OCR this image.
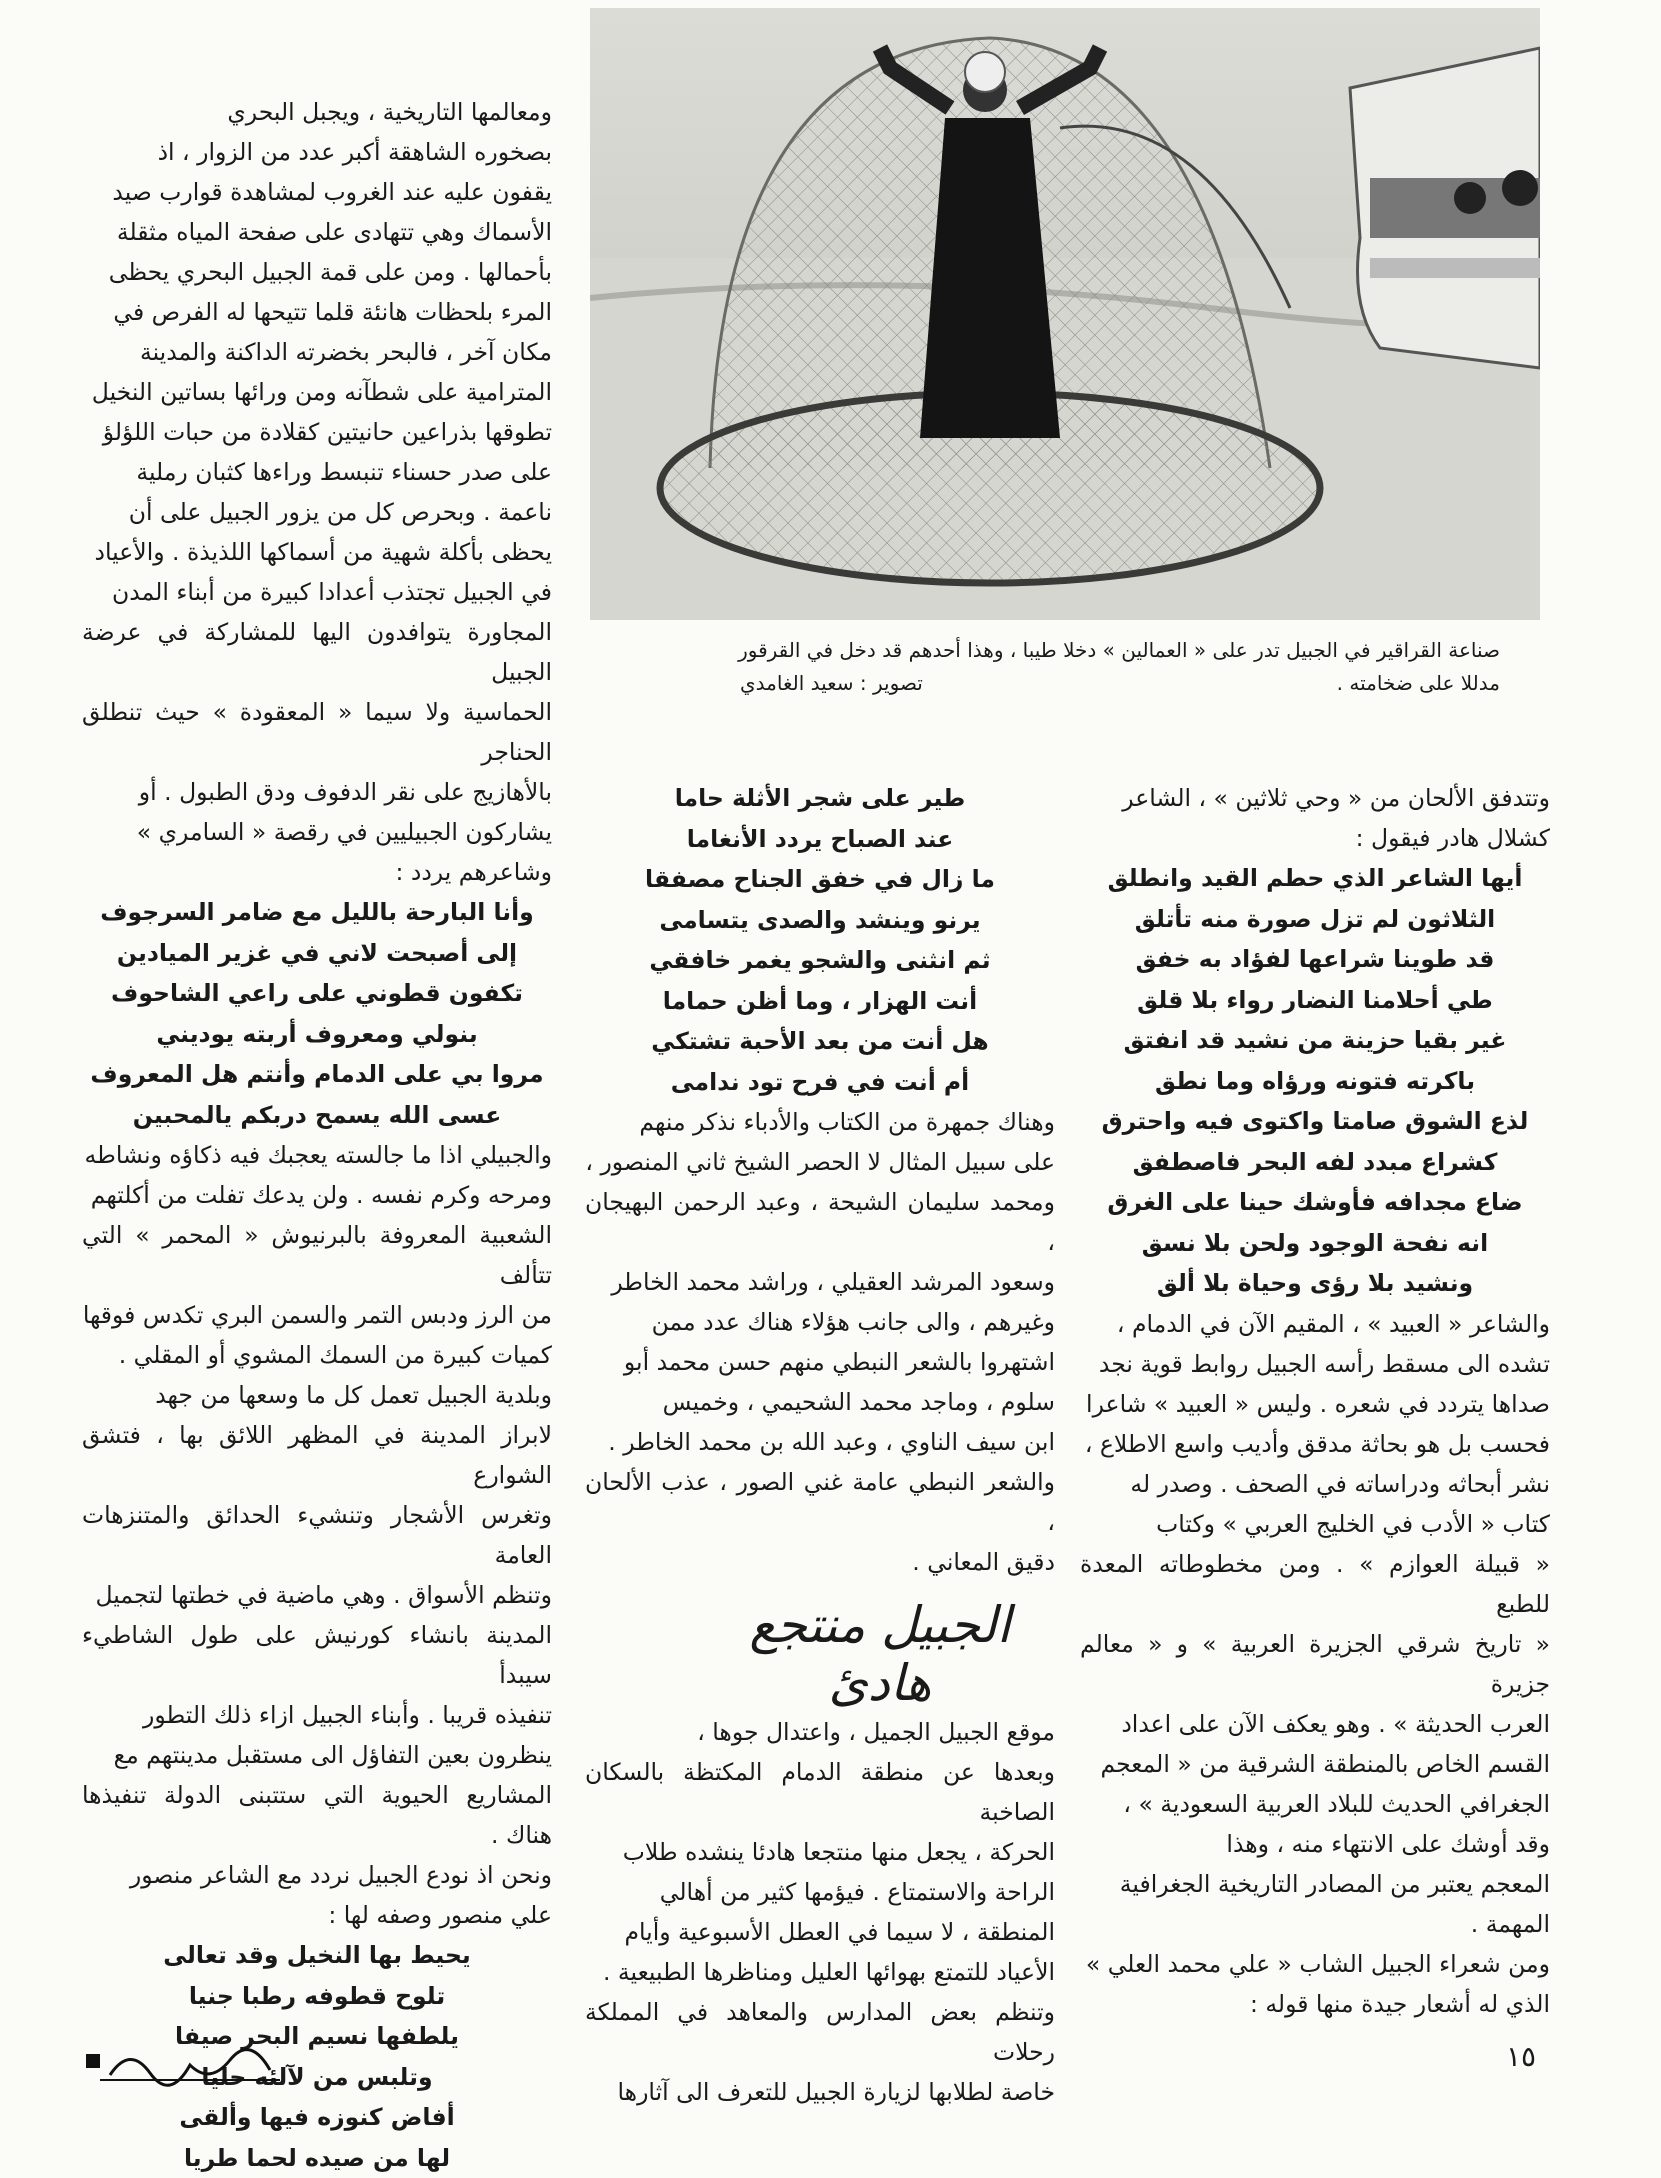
صناعة القراقير في الجبيل تدر على « العمالين » دخلا طيبا ، وهذا أحدهم قد دخل في القرقور

مدللا على ضخامته .
تصوير : سعيد الغامدي

ومعالمها التاريخية ، ويجبل البحري
بصخوره الشاهقة أكبر عدد من الزوار ، اذ
يقفون عليه عند الغروب لمشاهدة قوارب صيد
الأسماك وهي تتهادى على صفحة المياه مثقلة
بأحمالها . ومن على قمة الجبيل البحري يحظى
المرء بلحظات هانئة قلما تتيحها له الفرص في
مكان آخر ، فالبحر بخضرته الداكنة والمدينة
المترامية على شطآنه ومن ورائها بساتين النخيل
تطوقها بذراعين حانيتين كقلادة من حبات اللؤلؤ
على صدر حسناء تنبسط وراءها كثبان رملية
ناعمة . وبحرص كل من يزور الجبيل على أن
يحظى بأكلة شهية من أسماكها اللذيذة . والأعياد
في الجبيل تجتذب أعدادا كبيرة من أبناء المدن
المجاورة يتوافدون اليها للمشاركة في عرضة الجبيل
الحماسية ولا سيما « المعقودة » حيث تنطلق الحناجر
بالأهازيج على نقر الدفوف ودق الطبول . أو
يشاركون الجبيليين في رقصة « السامري »
وشاعرهم يردد :

وأنا البارحة بالليل مع ضامر السرجوف
إلى أصبحت لاني في غزير الميادين
تكفون قطوني على راعي الشاحوف
بنولي ومعروف أربته يوديني
مروا بي على الدمام وأنتم هل المعروف
عسى الله يسمح دربكم يالمحبين

والجبيلي اذا ما جالسته يعجبك فيه ذكاؤه ونشاطه
ومرحه وكرم نفسه . ولن يدعك تفلت من أكلتهم
الشعبية المعروفة بالبرنيوش « المحمر » التي تتألف
من الرز ودبس التمر والسمن البري تكدس فوقها
كميات كبيرة من السمك المشوي أو المقلي .
وبلدية الجبيل تعمل كل ما وسعها من جهد
لابراز المدينة في المظهر اللائق بها ، فتشق الشوارع
وتغرس الأشجار وتنشيء الحدائق والمتنزهات العامة
وتنظم الأسواق . وهي ماضية في خطتها لتجميل
المدينة بانشاء كورنيش على طول الشاطيء سيبدأ
تنفيذه قريبا . وأبناء الجبيل ازاء ذلك التطور
ينظرون بعين التفاؤل الى مستقبل مدينتهم مع
المشاريع الحيوية التي ستتبنى الدولة تنفيذها هناك .
ونحن اذ نودع الجبيل نردد مع الشاعر منصور
علي منصور وصفه لها :

يحيط بها النخيل وقد تعالى
تلوح قطوفه رطبا جنيا
يلطفها نسيم البحر صيفا
وتلبس من لآلئه حليا
أفاض كنوزه فيها وألقى
لها من صيده لحما طريا
طير على شجر الأثلة حاما
عند الصباح يردد الأنغاما
ما زال في خفق الجناح مصفقا
يرنو وينشد والصدى يتسامى
ثم انثنى والشجو يغمر خافقي
أنت الهزار ، وما أظن حماما
هل أنت من بعد الأحبة تشتكي
أم أنت في فرح تود ندامى

وهناك جمهرة من الكتاب والأدباء نذكر منهم
على سبيل المثال لا الحصر الشيخ ثاني المنصور ،
ومحمد سليمان الشيحة ، وعبد الرحمن البهيجان ،
وسعود المرشد العقيلي ، وراشد محمد الخاطر
وغيرهم ، والى جانب هؤلاء هناك عدد ممن
اشتهروا بالشعر النبطي منهم حسن محمد أبو
سلوم ، وماجد محمد الشحيمي ، وخميس
ابن سيف الناوي ، وعبد الله بن محمد الخاطر .
والشعر النبطي عامة غني الصور ، عذب الألحان ،
دقيق المعاني .

موقع الجبيل الجميل ، واعتدال جوها ،
وبعدها عن منطقة الدمام المكتظة بالسكان الصاخبة
الحركة ، يجعل منها منتجعا هادئا ينشده طلاب
الراحة والاستمتاع . فيؤمها كثير من أهالي
المنطقة ، لا سيما في العطل الأسبوعية وأيام
الأعياد للتمتع بهوائها العليل ومناظرها الطبيعية .
وتنظم بعض المدارس والمعاهد في المملكة رحلات
خاصة لطلابها لزيارة الجبيل للتعرف الى آثارها

الجبيل منتجع هادئ

وتتدفق الألحان من « وحي ثلاثين » ، الشاعر
كشلال هادر فيقول :

أيها الشاعر الذي حطم القيد وانطلق
الثلاثون لم تزل صورة منه تأتلق
قد طوينا شراعها لفؤاد به خفق
طي أحلامنا النضار رواء بلا قلق
غير بقيا حزينة من نشيد قد انفتق
باكرته فتونه ورؤاه وما نطق
لذع الشوق صامتا واكتوى فيه واحترق
كشراع مبدد لفه البحر فاصطفق
ضاع مجدافه فأوشك حينا على الغرق
انه نفحة الوجود ولحن بلا نسق
ونشيد بلا رؤى وحياة بلا ألق

والشاعر « العبيد » ، المقيم الآن في الدمام ،
تشده الى مسقط رأسه الجبيل روابط قوية نجد
صداها يتردد في شعره . وليس « العبيد » شاعرا
فحسب بل هو بحاثة مدقق وأديب واسع الاطلاع ،
نشر أبحاثه ودراساته في الصحف . وصدر له
كتاب « الأدب في الخليج العربي » وكتاب
« قبيلة العوازم » . ومن مخطوطاته المعدة للطبع
« تاريخ شرقي الجزيرة العربية » و « معالم جزيرة
العرب الحديثة » . وهو يعكف الآن على اعداد
القسم الخاص بالمنطقة الشرقية من « المعجم
الجغرافي الحديث للبلاد العربية السعودية » ،
وقد أوشك على الانتهاء منه ، وهذا
المعجم يعتبر من المصادر التاريخية الجغرافية
المهمة .
ومن شعراء الجبيل الشاب « علي محمد العلي »
الذي له أشعار جيدة منها قوله :

١٥
